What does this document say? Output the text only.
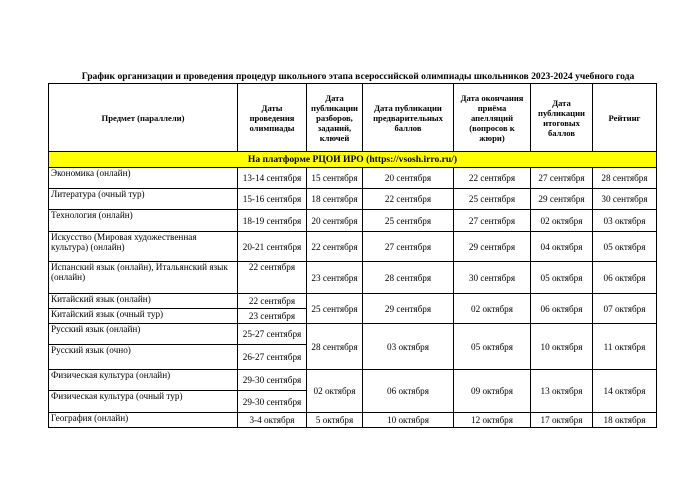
График организации и проведения процедур школьного этапа всероссийской олимпиады школьников 2023-2024 учебного года
Предмет (параллели)	Даты проведения олимпиады	Дата публикации разборов, заданий, ключей	Дата публикации предварительных баллов	Дата окончания приёма апелляций (вопросов к жюри)	Дата публикации итоговых баллов	Рейтинг
На платформе РЦОИ ИРО (https://vsosh.irro.ru/)						
Экономика (онлайн)	13-14 сентября	15 сентября	20 сентября	22 сентября	27 сентября	28 сентября
Литература (очный тур)	15-16 сентября	18 сентября	22 сентября	25 сентября	29 сентября	30 сентября
Технология (онлайн)	18-19 сентября	20 сентября	25 сентября	27 сентября	02 октября	03 октября
Искусство (Мировая художественная культура) (онлайн)	20-21 сентября	22 сентября	27 сентября	29 сентября	04 октября	05 октября
Испанский язык (онлайн), Итальянский язык (онлайн)	22 сентября	23 сентября	28 сентября	30 сентября	05 октября	06 октября
Китайский язык (онлайн)	22 сентября	25 сентября	29 сентября	02 октября	06 октября	07 октября
Китайский язык (очный тур)	23 сентября					
Русский язык (онлайн)	25-27 сентября	28 сентября	03 октября	05 октября	10 октября	11 октября
Русский язык (очно)	26-27 сентября					
Физическая культура (онлайн)	29-30 сентября	02 октября	06 октября	09 октября	13 октября	14 октября
Физическая культура (очный тур)	29-30 сентября					
География (онлайн)	3-4 октября	5 октября	10 октября	12 октября	17 октября	18 октября
